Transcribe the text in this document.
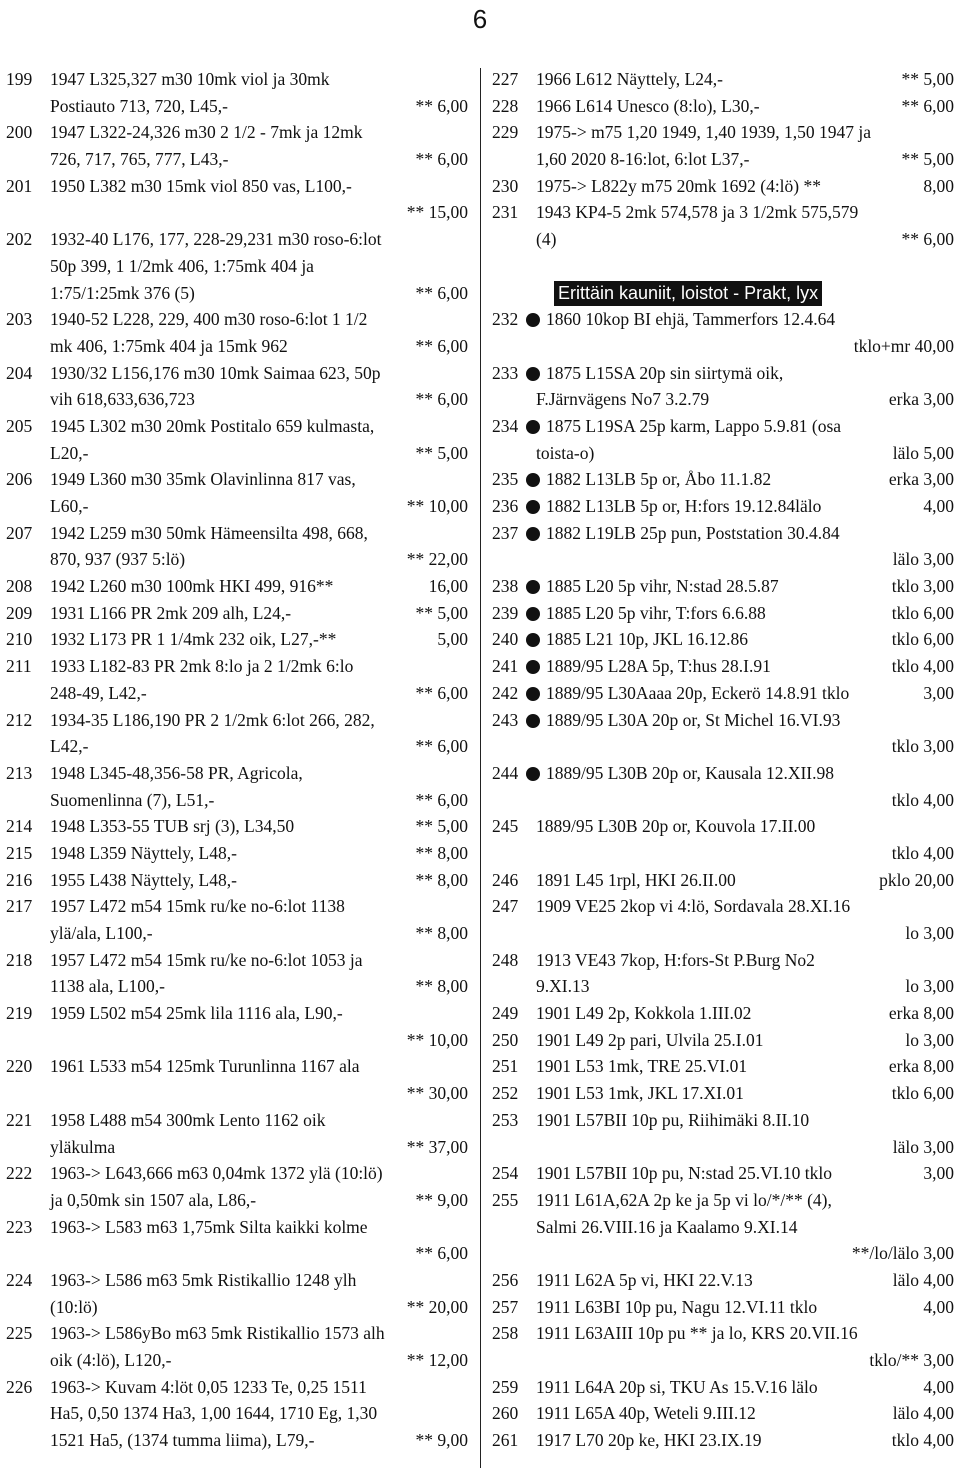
6
199 1947 L325,327 m30 10mk viol ja 30mk
Postiauto 713, 720, L45,-	** 6,00
200 1947 L322-24,326 m30 2 1/2 - 7mk ja 12mk
726, 717, 765, 777, L43,-	** 6,00
201 1950 L382 m30 15mk viol 850 vas, L100,-
** 15,00
202 1932-40 L176, 177, 228-29,231 m30 roso-6:lot
50p 399, 1 1/2mk 406, 1:75mk 404 ja
1:75/1:25mk 376 (5)	** 6,00
203 1940-52 L228, 229, 400 m30 roso-6:lot 1 1/2
mk 406, 1:75mk 404 ja 15mk 962	** 6,00
204 1930/32 L156,176 m30 10mk Saimaa 623, 50p
vih 618,633,636,723	** 6,00
205 1945 L302 m30 20mk Postitalo 659 kulmasta,
L20,-	** 5,00
206 1949 L360 m30 35mk Olavinlinna 817 vas,
L60,-	** 10,00
207 1942 L259 m30 50mk Hämeensilta 498, 668,
870, 937 (937 5:lö)	** 22,00
208 1942 L260 m30 100mk HKI 499, 916**	16,00
209 1931 L166 PR 2mk 209 alh, L24,-	** 5,00
210 1932 L173 PR 1 1/4mk 232 oik, L27,-**	5,00
211 1933 L182-83 PR 2mk 8:lo ja 2 1/2mk 6:lo
248-49, L42,-	** 6,00
212 1934-35 L186,190 PR 2 1/2mk 6:lot 266, 282,
L42,-	** 6,00
213 1948 L345-48,356-58 PR, Agricola,
Suomenlinna (7), L51,-	** 6,00
214 1948 L353-55 TUB srj (3), L34,50	** 5,00
215 1948 L359 Näyttely, L48,-	** 8,00
216 1955 L438 Näyttely, L48,-	** 8,00
217 1957 L472 m54 15mk ru/ke no-6:lot 1138
ylä/ala, L100,-	** 8,00
218 1957 L472 m54 15mk ru/ke no-6:lot 1053 ja
1138 ala, L100,-	** 8,00
219 1959 L502 m54 25mk lila 1116 ala, L90,-
** 10,00
220 1961 L533 m54 125mk Turunlinna 1167 ala
** 30,00
221 1958 L488 m54 300mk Lento 1162 oik
yläkulma	** 37,00
222 1963-> L643,666 m63 0,04mk 1372 ylä (10:lö)
ja 0,50mk sin 1507 ala, L86,-	** 9,00
223 1963-> L583 m63 1,75mk Silta kaikki kolme
** 6,00
224 1963-> L586 m63 5mk Ristikallio 1248 ylh
(10:lö)	** 20,00
225 1963-> L586yBo m63 5mk Ristikallio 1573 alh
oik (4:lö), L120,-	** 12,00
226 1963-> Kuvam 4:löt 0,05 1233 Te, 0,25 1511
Ha5, 0,50 1374 Ha3, 1,00 1644, 1710 Eg, 1,30
1521 Ha5, (1374 tumma liima), L79,-	** 9,00
227 1966 L612 Näyttely, L24,-	** 5,00
228 1966 L614 Unesco (8:lo), L30,-	** 6,00
229 1975-> m75 1,20 1949, 1,40 1939, 1,50 1947 ja
1,60 2020 8-16:lot, 6:lot L37,-	** 5,00
230 1975-> L822y m75 20mk 1692 (4:lö) **	8,00
231 1943 KP4-5 2mk 574,578 ja 3 1/2mk 575,579
(4)	** 6,00
Erittäin kauniit, loistot - Prakt, lyx
232 1860 10kop BI ehjä, Tammerfors 12.4.64
tklo+mr 40,00
233 1875 L15SA 20p sin siirtymä oik,
F.Järnvägens No7 3.2.79	erka 3,00
234 1875 L19SA 25p karm, Lappo 5.9.81 (osa
toista-o)	lälo 5,00
235 1882 L13LB 5p or, Åbo 11.1.82	erka 3,00
236 1882 L13LB 5p or, H:fors 19.12.84lälo	4,00
237 1882 L19LB 25p pun, Poststation 30.4.84
lälo 3,00
238 1885 L20 5p vihr, N:stad 28.5.87	tklo 3,00
239 1885 L20 5p vihr, T:fors 6.6.88	tklo 6,00
240 1885 L21 10p, JKL 16.12.86	tklo 6,00
241 1889/95 L28A 5p, T:hus 28.I.91	tklo 4,00
242 1889/95 L30Aaaa 20p, Eckerö 14.8.91 tklo	3,00
243 1889/95 L30A 20p or, St Michel 16.VI.93
tklo 3,00
244 1889/95 L30B 20p or, Kausala 12.XII.98
tklo 4,00
245 1889/95 L30B 20p or, Kouvola 17.II.00
tklo 4,00
246 1891 L45 1rpl, HKI 26.II.00	pklo 20,00
247 1909 VE25 2kop vi 4:lö, Sordavala 28.XI.16
lo 3,00
248 1913 VE43 7kop, H:fors-St P.Burg No2
9.XI.13	lo 3,00
249 1901 L49 2p, Kokkola 1.III.02	erka 8,00
250 1901 L49 2p pari, Ulvila 25.I.01	lo 3,00
251 1901 L53 1mk, TRE 25.VI.01	erka 8,00
252 1901 L53 1mk, JKL 17.XI.01	tklo 6,00
253 1901 L57BII 10p pu, Riihimäki 8.II.10
lälo 3,00
254 1901 L57BII 10p pu, N:stad 25.VI.10 tklo	3,00
255 1911 L61A,62A 2p ke ja 5p vi lo/*/** (4),
Salmi 26.VIII.16 ja Kaalamo 9.XI.14
**/lo/lälo 3,00
256 1911 L62A 5p vi, HKI 22.V.13	lälo 4,00
257 1911 L63BI 10p pu, Nagu 12.VI.11 tklo	4,00
258 1911 L63AIII 10p pu ** ja lo, KRS 20.VII.16
tklo/** 3,00
259 1911 L64A 20p si, TKU As 15.V.16 lälo	4,00
260 1911 L65A 40p, Weteli 9.III.12	lälo 4,00
261 1917 L70 20p ke, HKI 23.IX.19	tklo 4,00
